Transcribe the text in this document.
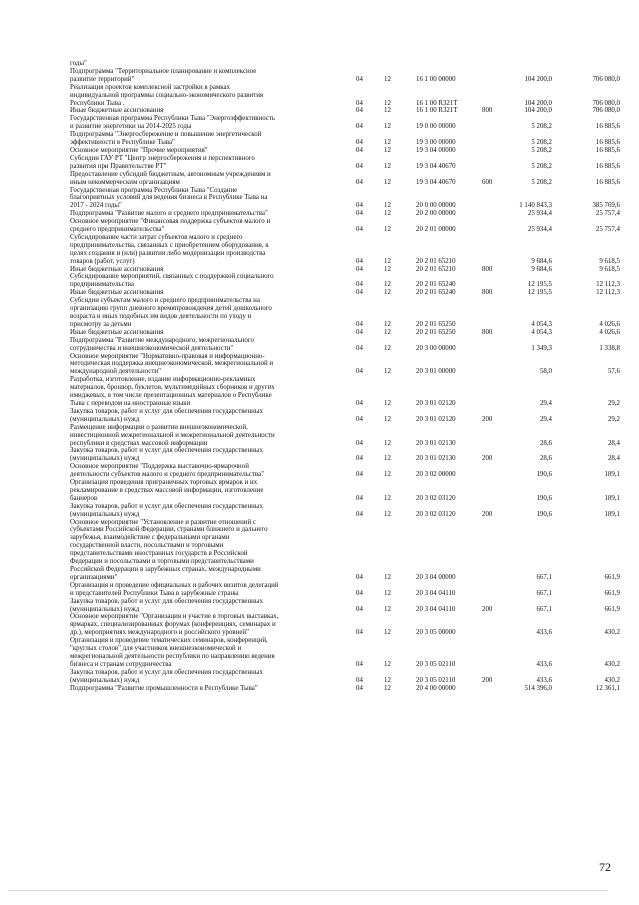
годы"
Подпрограмма "Территориальное планирование и комплексное
развитие территорий"	04	12	16 1 00 00000	104 200,0	706 080,0
Реализация проектов комплексной застройки в рамках
индивидуальной программы социально-экономического развития
Республики Тыва .	04	12	16 1 00 R321T	104 200,0	706 080,0
Иные бюджетные ассигнования	04	12	16 1 00 R321T	800	104 200,0	706 080,0
Государственная программа Республики Тыва "Энергоэффективность
и развитие энергетики на 2014-2025 годы	04	12	19 0 00 00000	5 208,2	16 885,6
Подпрограмма "Энергосбережение и повышение энергетической
эффективности в Республике Тыва"	04	12	19 3 00 00000	5 208,2	16 885,6
Основное мероприятие "Прочие мероприятия"	04	12	19 3 04 00000	5 208,2	16 885,6
Субсидии ГАУ РТ "Центр энергосбережения и перспективного
развития при Правительстве РТ"	04	12	19 3 04 40670	5 208,2	16 885,6
Предоставление субсидий бюджетным, автономным учреждениям и
иным некоммерческим организациям	04	12	19 3 04 40670	600	5 208,2	16 885,6
Государственная программа Республики Тыва "Создание
благоприятных условий для ведения бизнеса в Республике Тыва на
2017 - 2024 годы"	04	12	20 0 00 00000	1 140 843,3	385 769,6
Подпрограмма "Развитие малого и среднего предпринимательства"	04	12	20 2 00 00000	25 934,4	25 757,4
Основное мероприятие "Финансовая поддержка субъектов малого и
среднего предпринимательства"	04	12	20 2 01 00000	25 934,4	25 757,4
Субсидирование части затрат субъектов малого и среднего
предпринимательства, связанных с приобретением оборудования, в
целях создания и (или) развития либо модернизации производства
товаров (работ, услуг)	04	12	20 2 01 65210	9 684,6	9 618,5
Иные бюджетные ассигнования	04	12	20 2 01 65210	800	9 684,6	9 618,5
Субсидирование мероприятий, связанных с поддержкой социального
предпринимательства	04	12	20 2 01 65240	12 195,5	12 112,3
Иные бюджетные ассигнования	04	12	20 2 01 65240	800	12 195,5	12 112,3
Субсидии субъектам малого и среднего предпринимательства на
организацию групп дневного времяпровождения детей дошкольного
возраста и иных подобных им видов деятельности по уходу и
присмотру за детьми	04	12	20 2 01 65250	4 054,3	4 026,6
Иные бюджетные ассигнования	04	12	20 2 01 65250	800	4 054,3	4 026,6
Подпрограмма "Развитие международного, межрегионального
сотрудничества и внешнеэкономической деятельности"	04	12	20 3 00 00000	1 349,3	1 338,8
Основное мероприятие "Нормативно-правовая и информационно-
методическая поддержка внешнеэкономической, межрегиональной и
международной деятельности"	04	12	20 3 01 00000	58,0	57,6
Разработка, изготовление, издание информационно-рекламных
материалов, брошюр, буклетов, мультимедийных сборников и других
имиджевых, в том числе презентационных материалов о Республике
Тыва с переводом на иностранные языки	04	12	20 3 01 02120	29,4	29,2
Закупка товаров, работ и услуг для обеспечения государственных
(муниципальных) нужд	04	12	20 3 01 02120	200	29,4	29,2
Размещение информации о развитии внешнеэкономической,
инвестиционной межрегиональной и межрегиональной деятельности
республики в средствах массовой информации	04	12	20 3 01 02130	28,6	28,4
Закупка товаров, работ и услуг для обеспечения государственных
(муниципальных) нужд	04	12	20 3 01 02130	200	28,6	28,4
Основное мероприятие "Поддержка выставочно-ярмарочной
деятельности субъектов малого и среднего предпринимательства"	04	12	20 3 02 00000	190,6	189,1
Организация проведения приграничных торговых ярмарок и их
рекламирование в средствах массовой информации, изготовление
баннеров	04	12	20 3 02 03120	190,6	189,1
Закупка товаров, работ и услуг для обеспечения государственных
(муниципальных) нужд	04	12	20 3 02 03120	200	190,6	189,1
Основное мероприятие "Установление и развитие отношений с
субъектами Российской Федерации, странами ближнего и дальнего
зарубежья, взаимодействие с федеральными органами
государственной власти, посольствами и торговыми
представительствами иностранных государств в Российской
Федерации и посольствами и торговыми представительствами
Российской Федерации в зарубежных странах, международными
организациями"	04	12	20 3 04 00000	667,1	661,9
Организация и проведение официальных и рабочих визитов делегаций
и представителей Республики Тыва в зарубежные страны	04	12	20 3 04 04110	667,1	661,9
Закупка товаров, работ и услуг для обеспечения государственных
(муниципальных) нужд	04	12	20 3 04 04110	200	667,1	661,9
Основное мероприятие "Организация и участие в торговых выставках,
ярмарках, специализированных форумах (конференциях, семинарах и
др.), мероприятиях международного и российского уровней"	04	12	20 3 05 00000	433,6	430,2
Организация и проведение тематических семинаров, конференций,
"круглых столов" для участников внешнеэкономической и
межрегиональной деятельности республики по направлению ведения
бизнеса и странам сотрудничества	04	12	20 3 05 02110	433,6	430,2
Закупка товаров, работ и услуг для обеспечения государственных
(муниципальных) нужд	04	12	20 3 05 02110	200	433,6	430,2
Подпрограмма "Развитие промышленности в Республике Тыва"	04	12	20 4 00 00000	514 396,0	12 361,1
72
